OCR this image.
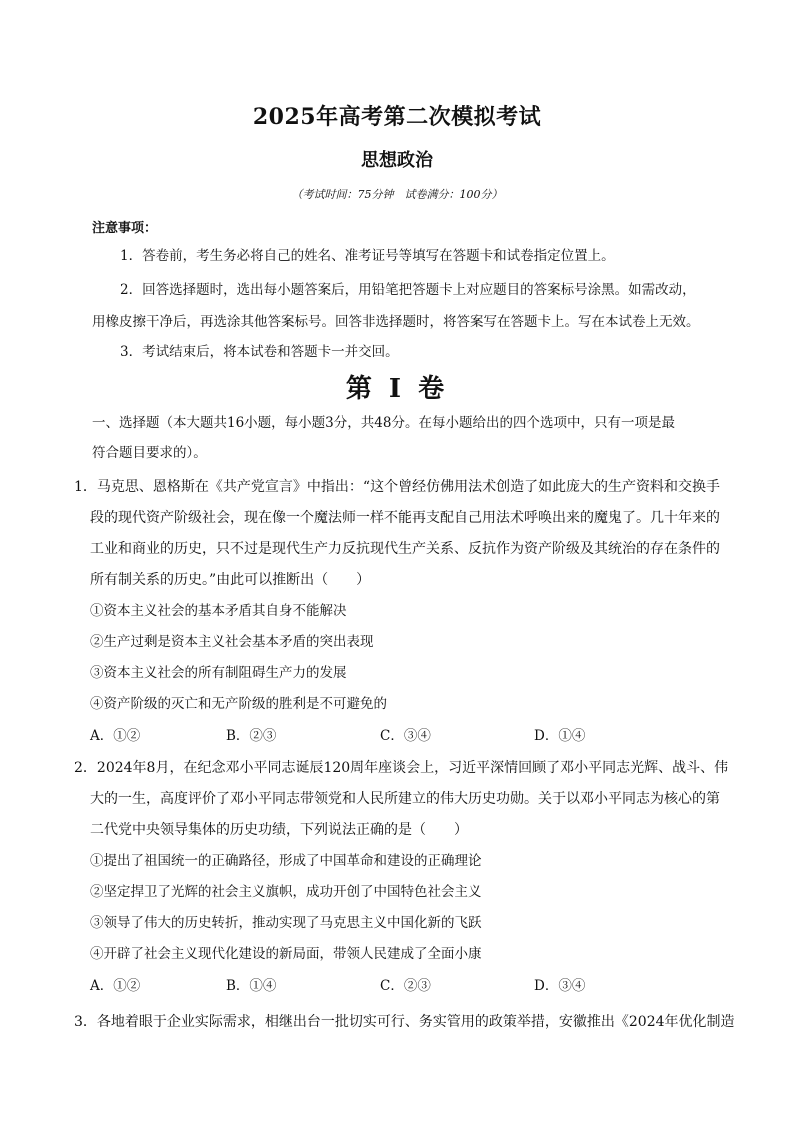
2025年高考第二次模拟考试
思想政治
（考试时间：75分钟　试卷满分：100分）
注意事项：
1．答卷前，考生务必将自己的姓名、准考证号等填写在答题卡和试卷指定位置上。
2．回答选择题时，选出每小题答案后，用铅笔把答题卡上对应题目的答案标号涂黑。如需改动，
用橡皮擦干净后，再选涂其他答案标号。回答非选择题时，将答案写在答题卡上。写在本试卷上无效。
3．考试结束后，将本试卷和答题卡一并交回。
第 I 卷
一、选择题（本大题共16小题，每小题3分，共48分。在每小题给出的四个选项中，只有一项是最
符合题目要求的）。
1．马克思、恩格斯在《共产党宣言》中指出：“这个曾经仿佛用法术创造了如此庞大的生产资料和交换手
段的现代资产阶级社会，现在像一个魔法师一样不能再支配自己用法术呼唤出来的魔鬼了。几十年来的
工业和商业的历史，只不过是现代生产力反抗现代生产关系、反抗作为资产阶级及其统治的存在条件的
所有制关系的历史。”由此可以推断出（　　）
①资本主义社会的基本矛盾其自身不能解决
②生产过剩是资本主义社会基本矛盾的突出表现
③资本主义社会的所有制阻碍生产力的发展
④资产阶级的灭亡和无产阶级的胜利是不可避免的
A．①②	B．②③	C．③④	D．①④
2．2024年8月，在纪念邓小平同志诞辰120周年座谈会上，习近平深情回顾了邓小平同志光辉、战斗、伟
大的一生，高度评价了邓小平同志带领党和人民所建立的伟大历史功勋。关于以邓小平同志为核心的第
二代党中央领导集体的历史功绩，下列说法正确的是（　　）
①提出了祖国统一的正确路径，形成了中国革命和建设的正确理论
②坚定捍卫了光辉的社会主义旗帜，成功开创了中国特色社会主义
③领导了伟大的历史转折，推动实现了马克思主义中国化新的飞跃
④开辟了社会主义现代化建设的新局面，带领人民建成了全面小康
A．①②	B．①④	C．②③	D．③④
3．各地着眼于企业实际需求，相继出台一批切实可行、务实管用的政策举措，安徽推出《2024年优化制造
